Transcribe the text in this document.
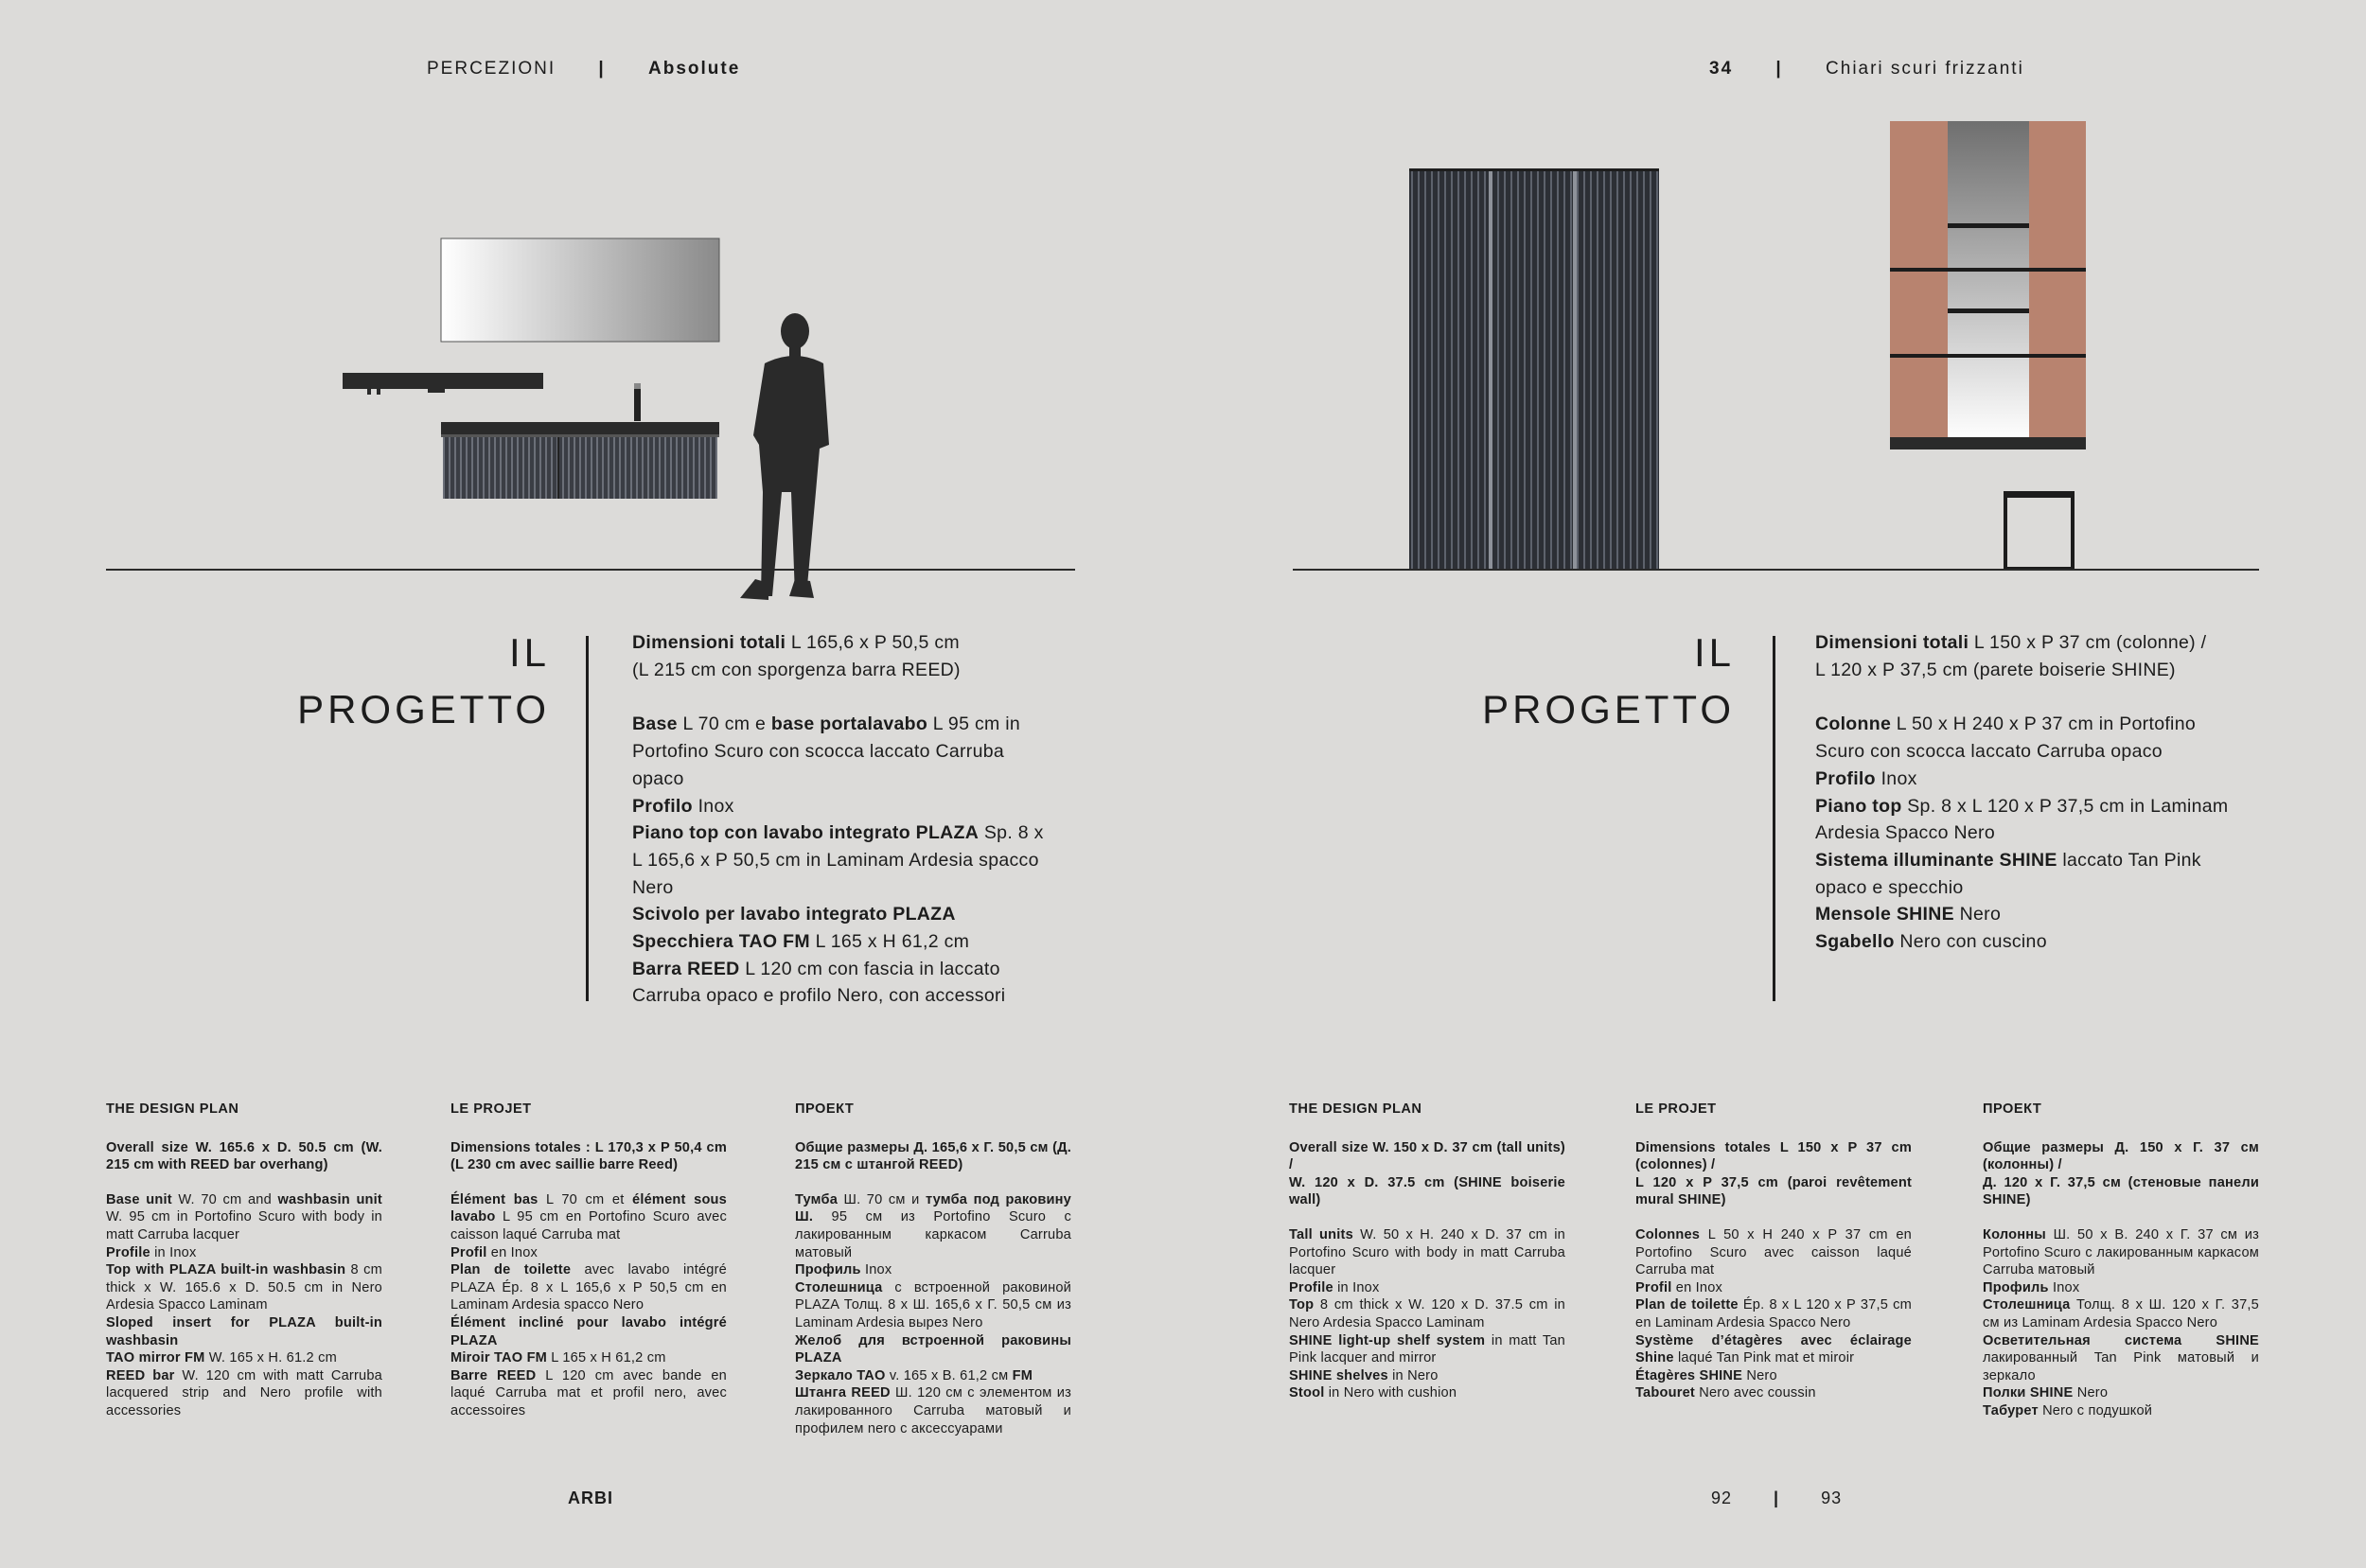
PERCEZIONI | Absolute	34 | Chiari scuri frizzanti
IL
PROGETTO

Dimensioni totali L 165,6 x P 50,5 cm

(L 215 cm con sporgenza barra REED)

Base L 70 cm e base portalavabo L 95 cm in

Portofino Scuro con scocca laccato Carruba

opaco

Profilo Inox

Piano top con lavabo integrato PLAZA Sp. 8 x

L 165,6 x P 50,5 cm in Laminam Ardesia spacco

Nero

Scivolo per lavabo integrato PLAZA

Specchiera TAO FM L 165 x H 61,2 cm

Barra REED L 120 cm con fascia in laccato

Carruba opaco e profilo Nero, con accessori

IL
PROGETTO

Dimensioni totali L 150 x P 37 cm (colonne) /

L 120 x P 37,5 cm (parete boiserie SHINE)

Colonne L 50 x H 240 x P 37 cm in Portofino

Scuro con scocca laccato Carruba opaco

Profilo Inox

Piano top Sp. 8 x L 120 x P 37,5 cm in Laminam

Ardesia Spacco Nero

Sistema illuminante SHINE laccato Tan Pink

opaco e specchio

Mensole SHINE Nero

Sgabello Nero con cuscino

THE DESIGN PLAN

Overall size W. 165.6 x D. 50.5 cm (W. 215 cm with REED bar overhang)

Base unit W. 70 cm and washbasin unit W. 95 cm in Portofino Scuro with body in matt Carruba lacquer

Profile in Inox

Top with PLAZA built-in washbasin 8 cm thick x W. 165.6 x D. 50.5 cm in Nero Ardesia Spacco Laminam

Sloped insert for PLAZA built-in washbasin

TAO mirror FM W. 165 x H. 61.2 cm

REED bar W. 120 cm with matt Carruba lacquered strip and Nero profile with accessories

LE PROJET

Dimensions totales : L 170,3 x P 50,4 cm (L 230 cm avec saillie barre Reed)

Élément bas L 70 cm et élément sous lavabo L 95 cm en Portofino Scuro avec caisson laqué Carruba mat

Profil en Inox

Plan de toilette avec lavabo intégré PLAZA Ép. 8 x L 165,6 x P 50,5 cm en Laminam Ardesia spacco Nero

Élément incliné pour lavabo intégré PLAZA

Miroir TAO FM L 165 x H 61,2 cm

Barre REED L 120 cm avec bande en laqué Carruba mat et profil nero, avec accessoires

ПРОЕКТ

Общие размеры Д. 165,6 х Г. 50,5 см (Д. 215 см с штангой REED)

Тумба Ш. 70 см и тумба под раковину Ш. 95 см из Portofino Scuro с лакированным каркасом Carruba матовый

Профиль Inox

Столешница с встроенной раковиной PLAZA Толщ. 8 х Ш. 165,6 х Г. 50,5 см из Laminam Ardesia вырез Nero

Желоб для встроенной раковины PLAZA

Зеркало TAO v. 165 x В. 61,2 см FM

Штанга REED Ш. 120 см с элементом из лакированного Carruba матовый и профилем nero с аксессуарами

THE DESIGN PLAN

Overall size W. 150 x D. 37 cm (tall units) /

W. 120 x D. 37.5 cm (SHINE boiserie wall)

Tall units W. 50 x H. 240 x D. 37 cm in Portofino Scuro with body in matt Carruba lacquer

Profile in Inox

Top 8 cm thick x W. 120 x D. 37.5 cm in Nero Ardesia Spacco Laminam

SHINE light-up shelf system in matt Tan Pink lacquer and mirror

SHINE shelves in Nero

Stool in Nero with cushion

LE PROJET

Dimensions totales L 150 x P 37 cm (colonnes) /

L 120 x P 37,5 cm (paroi revêtement mural SHINE)

Colonnes L 50 x H 240 x P 37 cm en Portofino Scuro avec caisson laqué Carruba mat

Profil en Inox

Plan de toilette Ép. 8 x L 120 x P 37,5 cm en Laminam Ardesia Spacco Nero

Système d’étagères avec éclairage Shine laqué Tan Pink mat et miroir

Étagères SHINE Nero

Tabouret Nero avec coussin

ПРОЕКТ

Общие размеры Д. 150 х Г. 37 см (колонны) /

Д. 120 х Г. 37,5 см (стеновые панели SHINE)

Колонны Ш. 50 х В. 240 х Г. 37 см из Portofino Scuro с лакированным каркасом Carruba матовый

Профиль Inox

Столешница Толщ. 8 х Ш. 120 х Г. 37,5 см из Laminam Ardesia Spacco Nero

Осветительная система SHINE лакированный Tan Pink матовый и зеркало

Полки SHINE Nero

Табурет Nero с подушкой

ARBI	92 | 93
